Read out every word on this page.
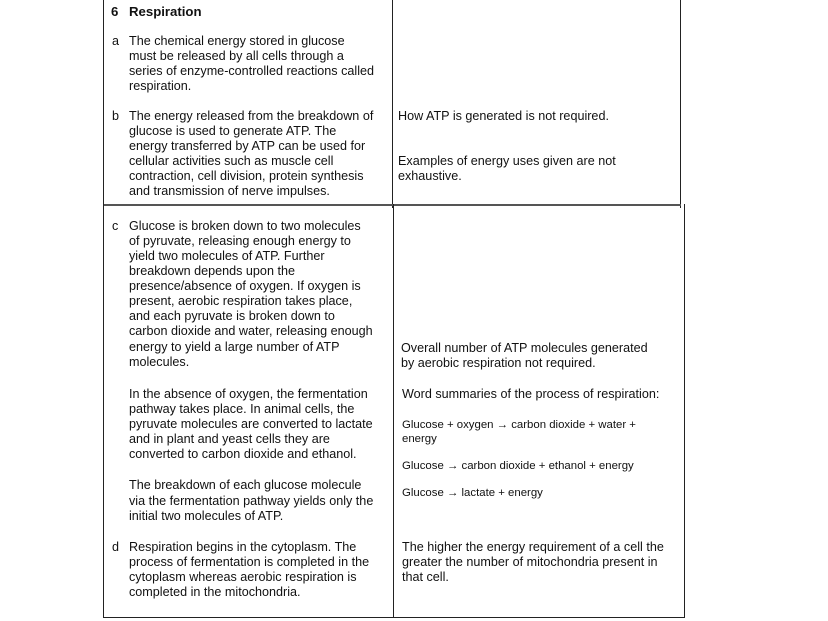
6 Respiration
a The chemical energy stored in glucose
must be released by all cells through a
series of enzyme-controlled reactions called
respiration.
b The energy released from the breakdown of
glucose is used to generate ATP. The
energy transferred by ATP can be used for
cellular activities such as muscle cell
contraction, cell division, protein synthesis
and transmission of nerve impulses.
How ATP is generated is not required.
Examples of energy uses given are not
exhaustive.
c Glucose is broken down to two molecules
of pyruvate, releasing enough energy to
yield two molecules of ATP. Further
breakdown depends upon the
presence/absence of oxygen. If oxygen is
present, aerobic respiration takes place,
and each pyruvate is broken down to
carbon dioxide and water, releasing enough
energy to yield a large number of ATP
molecules.
Overall number of ATP molecules generated
by aerobic respiration not required.
In the absence of oxygen, the fermentation
pathway takes place. In animal cells, the
pyruvate molecules are converted to lactate
and in plant and yeast cells they are
converted to carbon dioxide and ethanol.
Word summaries of the process of respiration:
Glucose + oxygen → carbon dioxide + water +
energy
Glucose → carbon dioxide + ethanol + energy
Glucose → lactate + energy
The breakdown of each glucose molecule
via the fermentation pathway yields only the
initial two molecules of ATP.
d Respiration begins in the cytoplasm. The
process of fermentation is completed in the
cytoplasm whereas aerobic respiration is
completed in the mitochondria.
The higher the energy requirement of a cell the
greater the number of mitochondria present in
that cell.
